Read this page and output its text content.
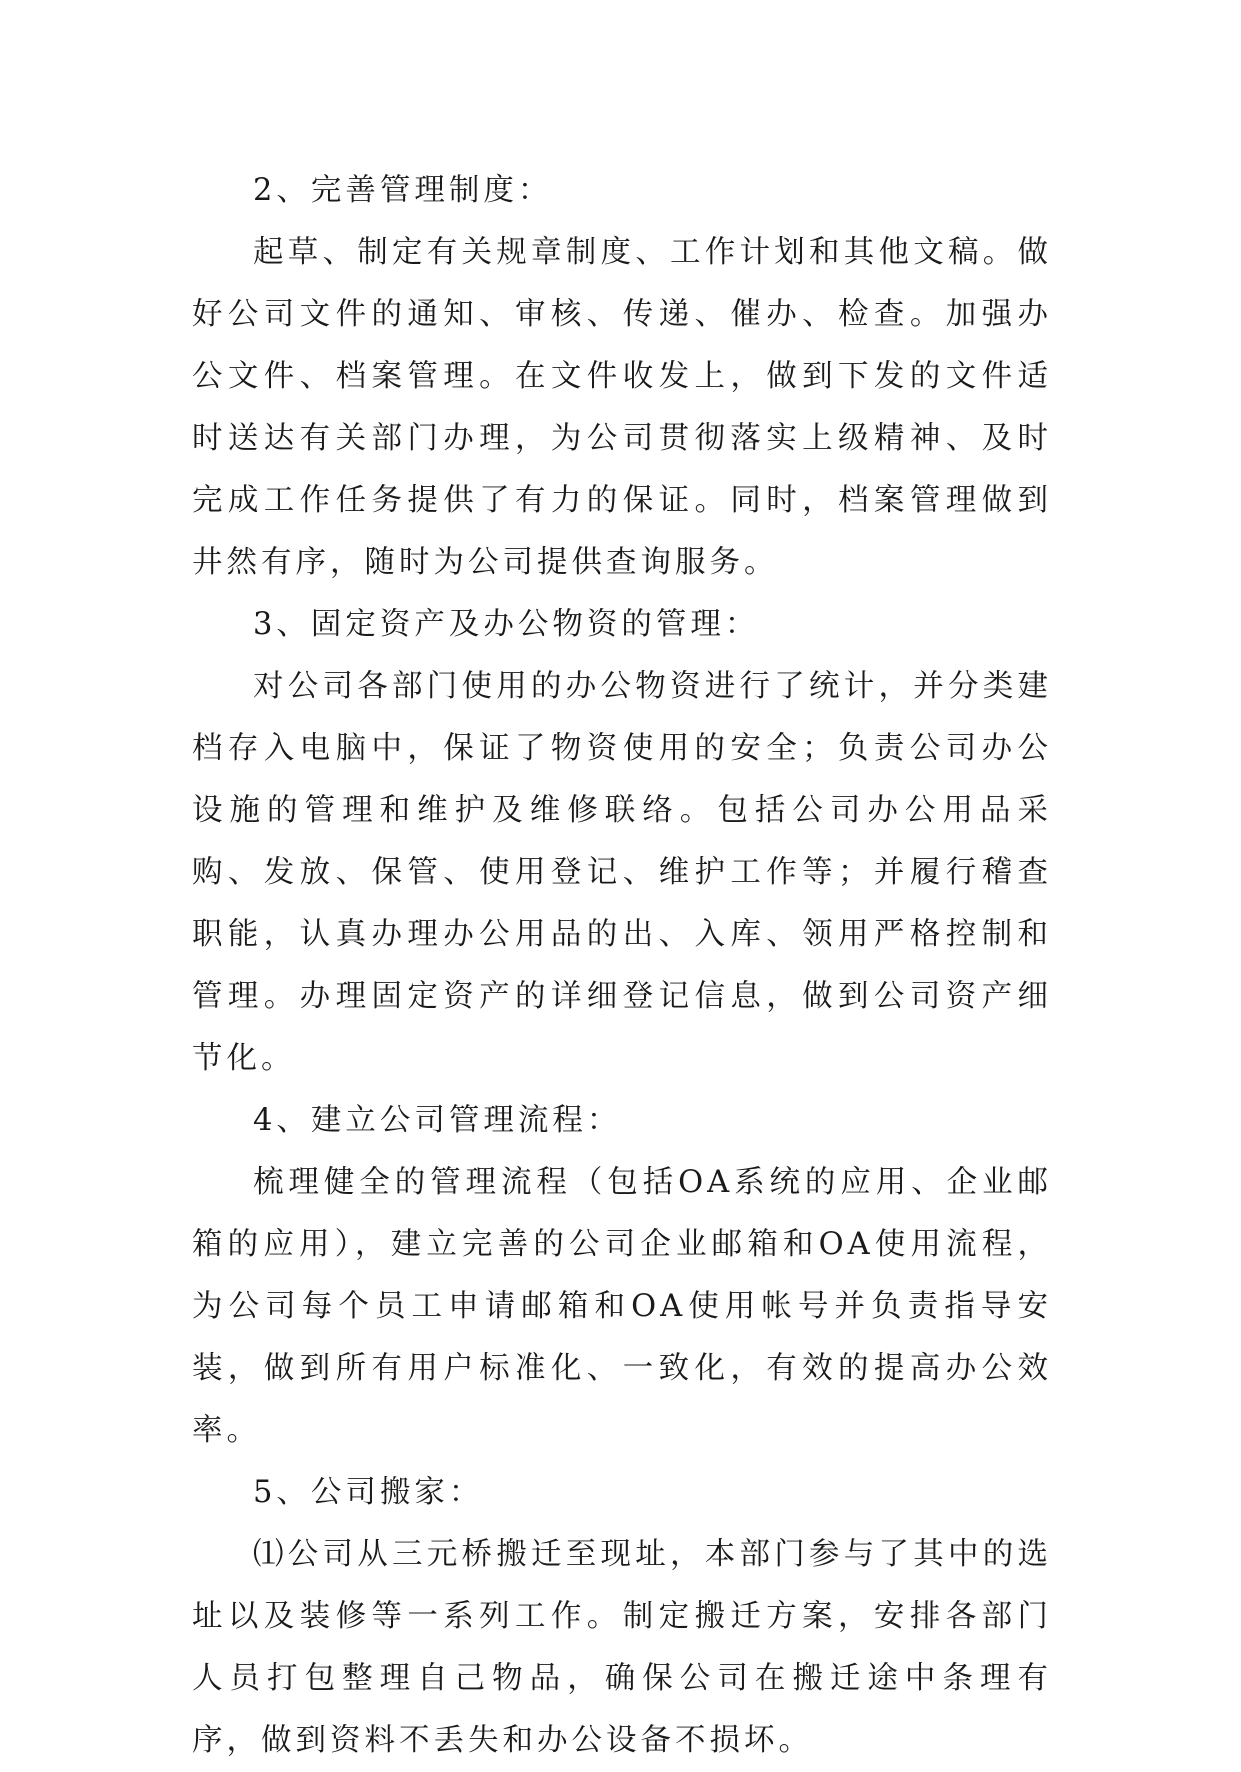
2、完善管理制度：

起草、制定有关规章制度、工作计划和其他文稿。做好公司文件的通知、审核、传递、催办、检查。加强办公文件、档案管理。在文件收发上，做到下发的文件适时送达有关部门办理，为公司贯彻落实上级精神、及时完成工作任务提供了有力的保证。同时，档案管理做到井然有序，随时为公司提供查询服务。

3、固定资产及办公物资的管理：

对公司各部门使用的办公物资进行了统计，并分类建档存入电脑中，保证了物资使用的安全；负责公司办公设施的管理和维护及维修联络。包括公司办公用品采购、发放、保管、使用登记、维护工作等；并履行稽查职能，认真办理办公用品的出、入库、领用严格控制和管理。办理固定资产的详细登记信息，做到公司资产细节化。

4、建立公司管理流程：

梳理健全的管理流程（包括OA系统的应用、企业邮箱的应用），建立完善的公司企业邮箱和OA使用流程，为公司每个员工申请邮箱和OA使用帐号并负责指导安装，做到所有用户标准化、一致化，有效的提高办公效率。

5、公司搬家：

⑴公司从三元桥搬迁至现址，本部门参与了其中的选址以及装修等一系列工作。制定搬迁方案，安排各部门人员打包整理自己物品，确保公司在搬迁途中条理有序，做到资料不丢失和办公设备不损坏。
